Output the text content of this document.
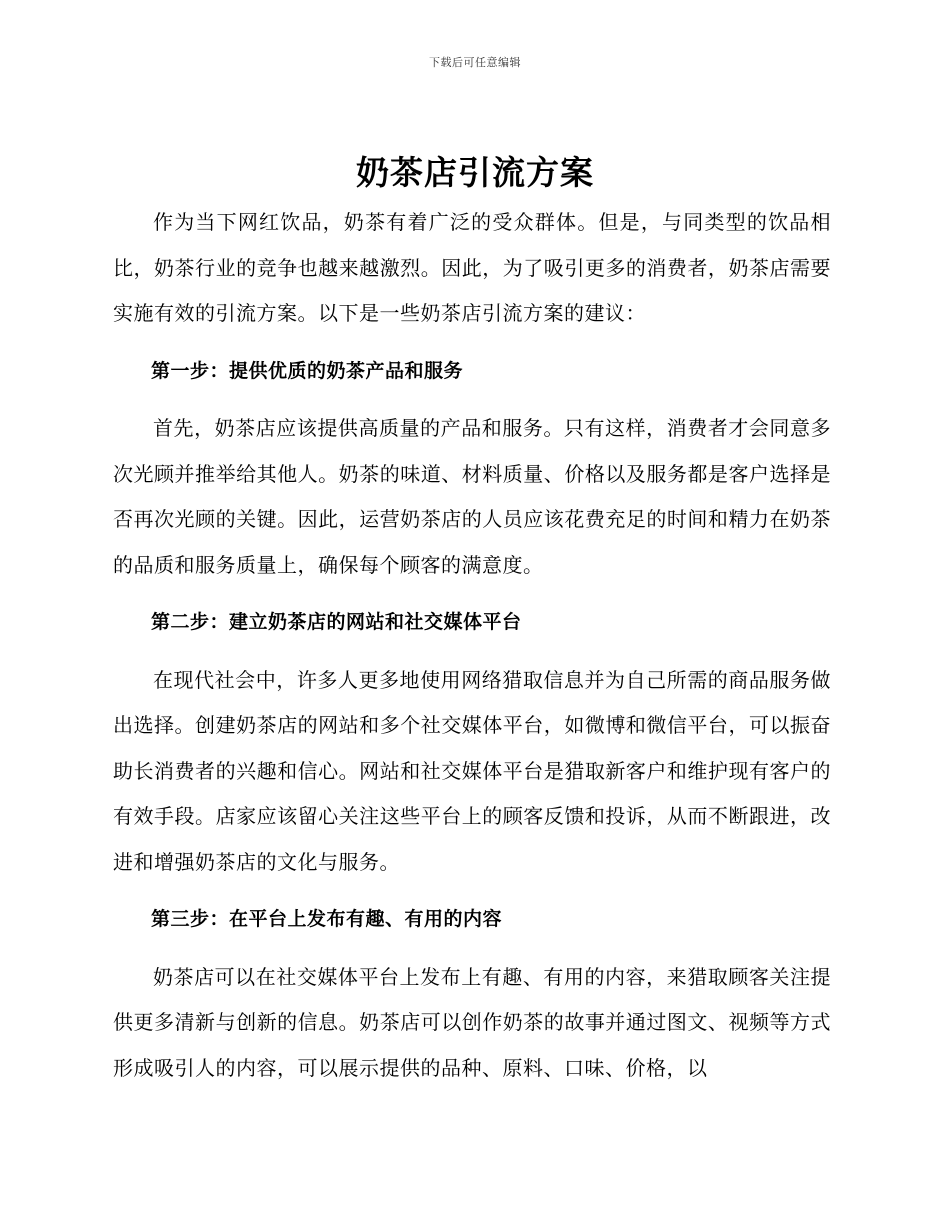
下载后可任意编辑
奶茶店引流方案

作为当下网红饮品，奶茶有着广泛的受众群体。但是，与同类型的饮品相比，奶茶行业的竞争也越来越激烈。因此，为了吸引更多的消费者，奶茶店需要实施有效的引流方案。以下是一些奶茶店引流方案的建议：

第一步：提供优质的奶茶产品和服务

首先，奶茶店应该提供高质量的产品和服务。只有这样，消费者才会同意多次光顾并推举给其他人。奶茶的味道、材料质量、价格以及服务都是客户选择是否再次光顾的关键。因此，运营奶茶店的人员应该花费充足的时间和精力在奶茶的品质和服务质量上，确保每个顾客的满意度。

第二步：建立奶茶店的网站和社交媒体平台

在现代社会中，许多人更多地使用网络猎取信息并为自己所需的商品服务做出选择。创建奶茶店的网站和多个社交媒体平台，如微博和微信平台，可以振奋助长消费者的兴趣和信心。网站和社交媒体平台是猎取新客户和维护现有客户的有效手段。店家应该留心关注这些平台上的顾客反馈和投诉，从而不断跟进，改进和增强奶茶店的文化与服务。

第三步：在平台上发布有趣、有用的内容

奶茶店可以在社交媒体平台上发布上有趣、有用的内容，来猎取顾客关注提供更多清新与创新的信息。奶茶店可以创作奶茶的故事并通过图文、视频等方式形成吸引人的内容，可以展示提供的品种、原料、口味、价格，以
